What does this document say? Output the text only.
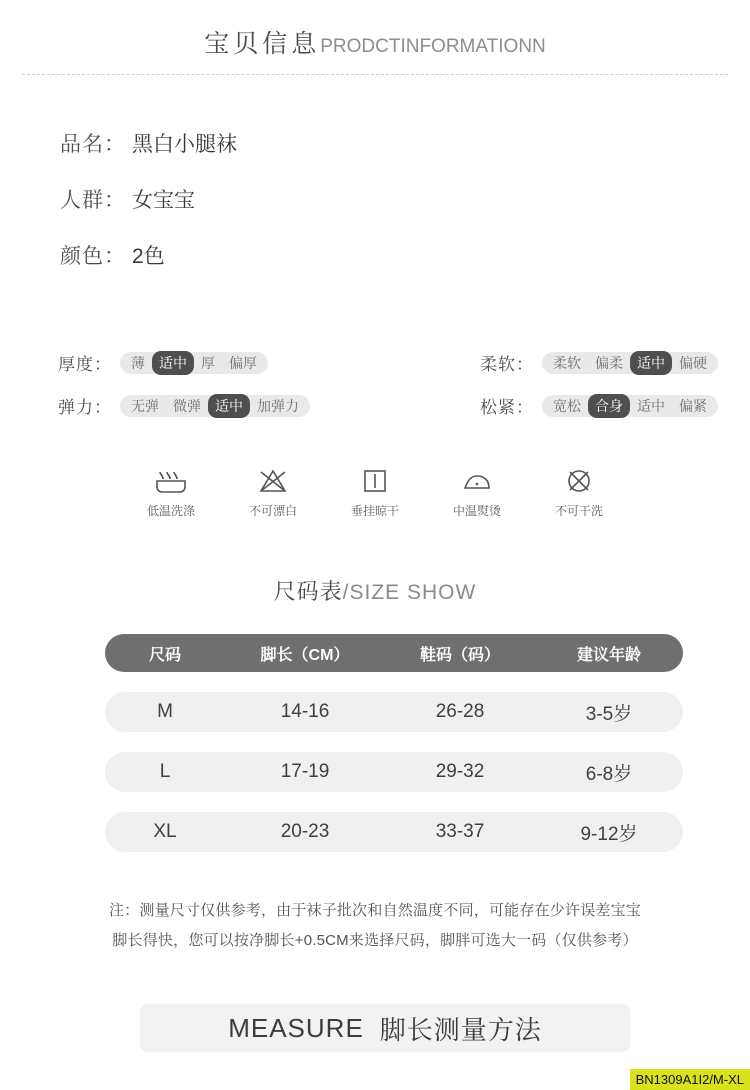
宝贝信息PRODCTINFORMATIONN
品名： 黑白小腿袜
人群： 女宝宝
颜色： 2色
厚度：	薄	适中	厚	偏厚	柔软：	柔软	偏柔	适中	偏硬
弹力：	无弹	微弹	适中	加弹力	松紧：	宽松	合身	适中	偏紧
低温洗涤	不可漂白	垂挂晾干	中温熨烫	不可干洗
尺码表/SIZE SHOW
尺码	脚长（CM）	鞋码（码）	建议年龄
M	14-16	26-28	3-5岁
L	17-19	29-32	6-8岁
XL	20-23	33-37	9-12岁
注：测量尺寸仅供参考，由于袜子批次和自然温度不同，可能存在少许误差宝宝
脚长得快，您可以按净脚长+0.5CM来选择尺码，脚胖可选大一码（仅供参考）
MEASURE 脚长测量方法
BN1309A1I2/M-XL
